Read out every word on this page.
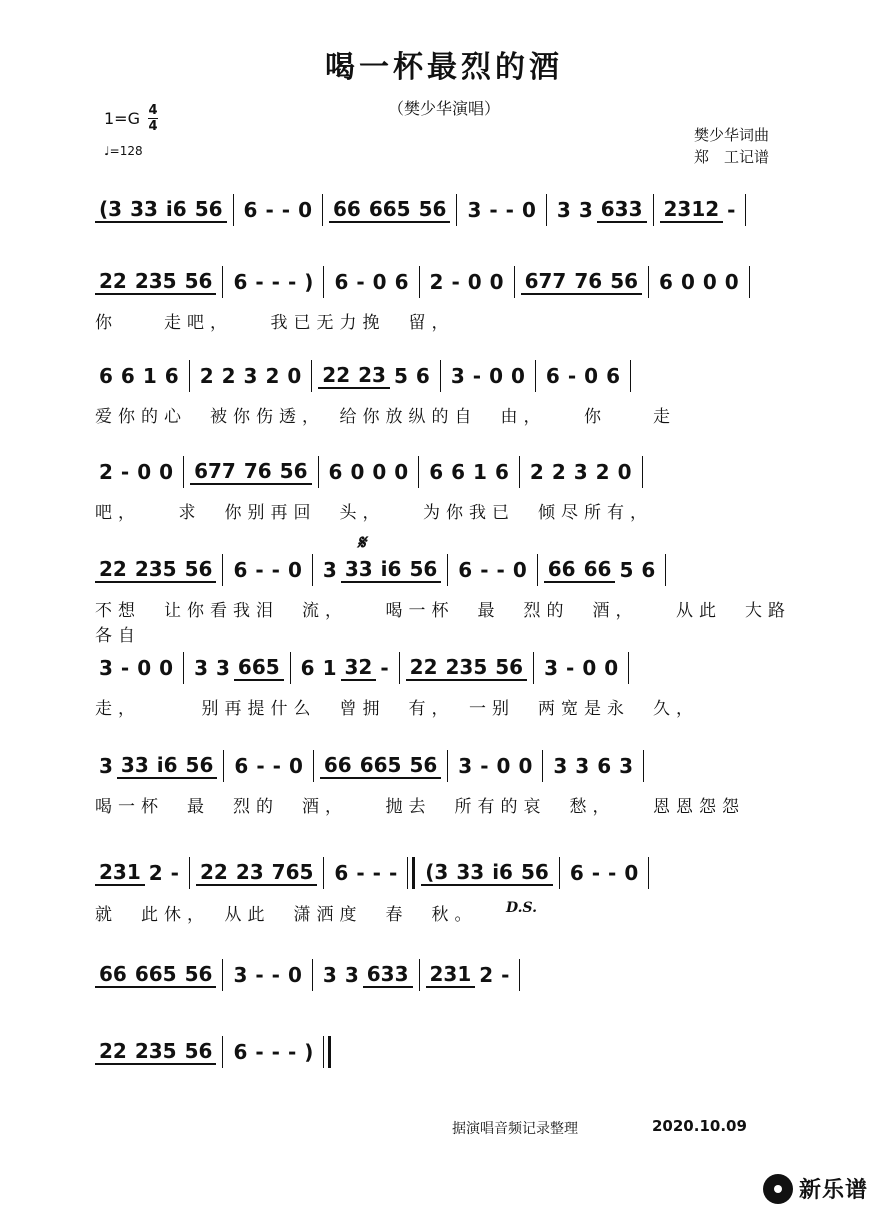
喝一杯最烈的酒
（樊少华演唱）
1=G 4
4
♩=128
樊少华词曲
郑　工记谱
𝄋
(3 33 i6 56 6 - - 0 66 665 56 3 - - 0 3 3 633 2312 -
22 235 56 6 - - - ) 6 - 0 6 2 - 0 0 677 76 56 6 0 0 0
你　　走吧，　　我已无力挽　留，
6 6 1 6 2 2 3 2 0 22 23 5 6 3 - 0 0 6 - 0 6
爱你的心　被你伤透，　给你放纵的自　由，　　你　　走
2 - 0 0 677 76 56 6 0 0 0 6 6 1 6 2 2 3 2 0
吧，　　求　你别再回　头，　　为你我已　倾尽所有，
22 235 56 6 - - 0 3 33 i6 56 6 - - 0 66 66 5 6
不想　让你看我泪　流，　　喝一杯　最　烈的　酒，　　从此　大路各自
3 - 0 0 3 3 665 6 1 32 - 22 235 56 3 - 0 0
走，　　　别再提什么　曾拥　有，　一别　两宽是永　久，
3 33 i6 56 6 - - 0 66 665 56 3 - 0 0 3 3 6 3
喝一杯　最　烈的　酒，　　抛去　所有的哀　愁，　　恩恩怨怨
231 2 - 22 23 765 6 - - - (3 33 i6 56 6 - - 0
就　此休，　从此　潇洒度　春　秋。
66 665 56 3 - - 0 3 3 633 231 2 -
22 235 56 6 - - - )
D.S.
据演唱音频记录整理	2020.10.09
新乐谱
